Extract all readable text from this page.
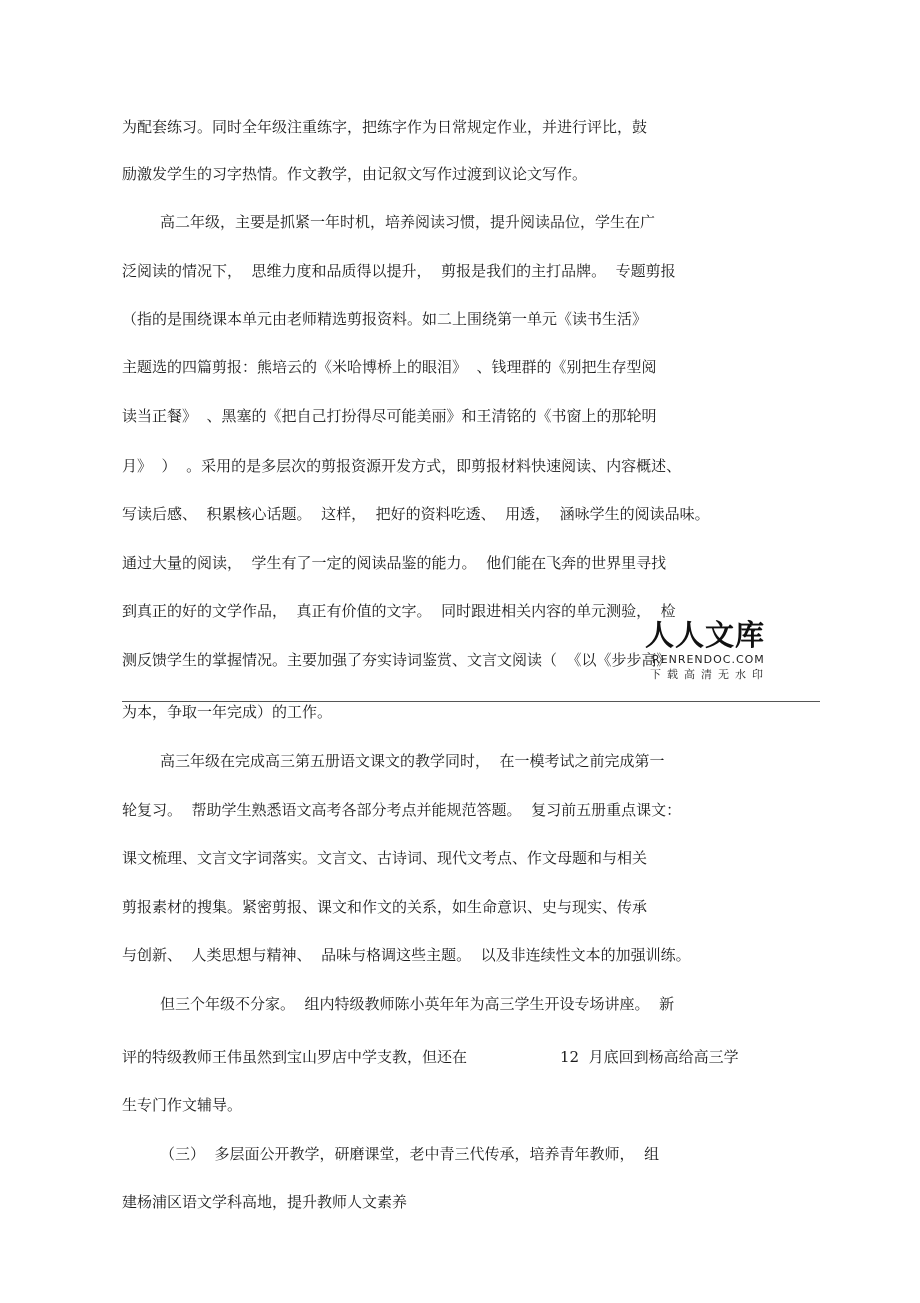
为配套练习。同时全年级注重练字，把练字作为日常规定作业，并进行评比，鼓

励激发学生的习字热情。作文教学，由记叙文写作过渡到议论文写作。

高二年级，主要是抓紧一年时机，培养阅读习惯，提升阅读品位，学生在广

泛阅读的情况下，  思维力度和品质得以提升，  剪报是我们的主打品牌。  专题剪报

（指的是围绕课本单元由老师精选剪报资料。如二上围绕第一单元《读书生活》

主题选的四篇剪报：熊培云的《米哈博桥上的眼泪》  、钱理群的《别把生存型阅

读当正餐》  、黑塞的《把自己打扮得尽可能美丽》和王清铭的《书窗上的那轮明

月》  ）  。采用的是多层次的剪报资源开发方式，即剪报材料快速阅读、内容概述、

写读后感、  积累核心话题。  这样，  把好的资料吃透、  用透，  涵咏学生的阅读品味。

通过大量的阅读，  学生有了一定的阅读品鉴的能力。  他们能在飞奔的世界里寻找

到真正的好的文学作品，  真正有价值的文字。  同时跟进相关内容的单元测验，  检

测反馈学生的掌握情况。主要加强了夯实诗词鉴赏、文言文阅读（  《以《步步高》

人人文库
RENRENDOC.COM
下载高清无水印

为本，争取一年完成）的工作。

高三年级在完成高三第五册语文课文的教学同时，  在一模考试之前完成第一

轮复习。  帮助学生熟悉语文高考各部分考点并能规范答题。  复习前五册重点课文：

课文梳理、文言文字词落实。文言文、古诗词、现代文考点、作文母题和与相关

剪报素材的搜集。紧密剪报、课文和作文的关系，如生命意识、史与现实、传承

与创新、  人类思想与精神、  品味与格调这些主题。  以及非连续性文本的加强训练。

但三个年级不分家。  组内特级教师陈小英年年为高三学生开设专场讲座。  新

评的特级教师王伟虽然到宝山罗店中学支教，但还在	12  月底回到杨高给高三学

生专门作文辅导。

（三）  多层面公开教学，研磨课堂，老中青三代传承，培养青年教师，  组

建杨浦区语文学科高地，提升教师人文素养
